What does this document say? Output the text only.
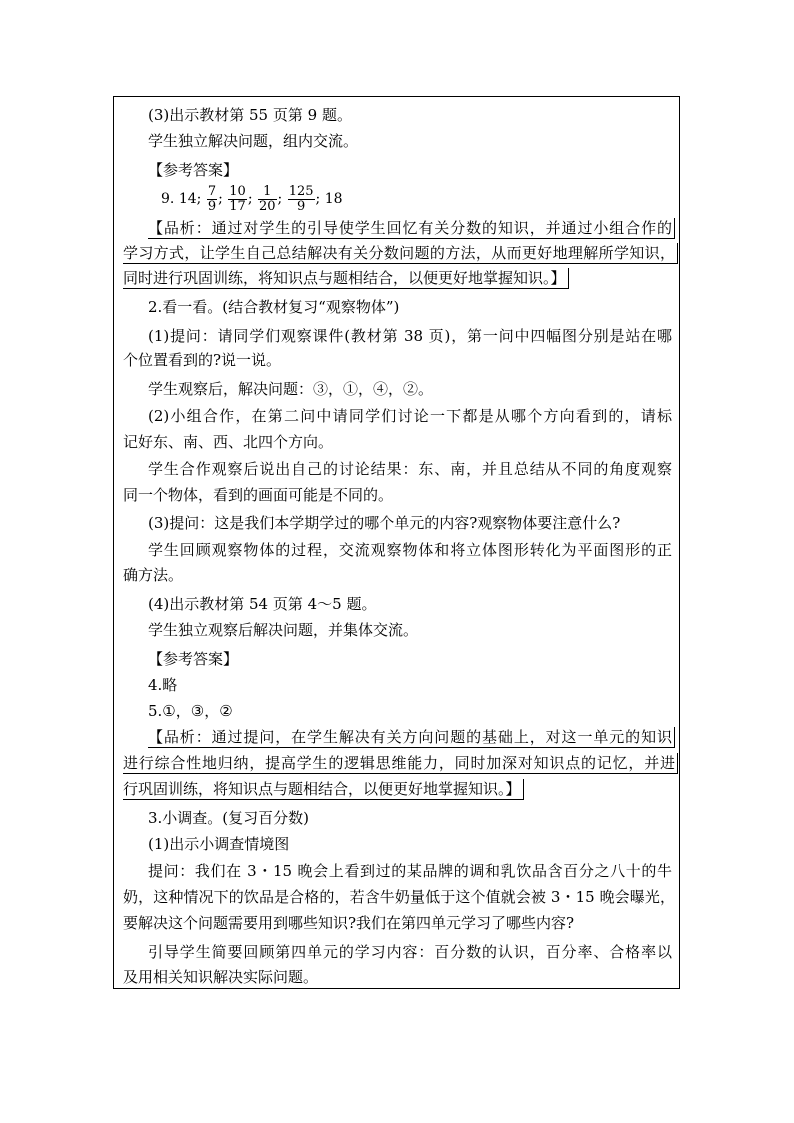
(3)出示教材第 55 页第 9 题。
学生独立解决问题，组内交流。
【参考答案】
9. 14; $\frac{7}{9}$ ; $\frac{10}{17}$ ; $\frac{1}{20}$ ; $\frac{125}{9}$ ; 18
【品析：通过对学生的引导使学生回忆有关分数的知识，并通过小组合作的
学习方式，让学生自己总结解决有关分数问题的方法，从而更好地理解所学知识，
同时进行巩固训练，将知识点与题相结合，以便更好地掌握知识。】
2.看一看。(结合教材复习“观察物体”)
(1)提问：请同学们观察课件(教材第 38 页)，第一问中四幅图分别是站在哪
个位置看到的?说一说。
学生观察后，解决问题：③，①，④，②。
(2)小组合作，在第二问中请同学们讨论一下都是从哪个方向看到的，请标
记好东、南、西、北四个方向。
学生合作观察后说出自己的讨论结果：东、南，并且总结从不同的角度观察
同一个物体，看到的画面可能是不同的。
(3)提问：这是我们本学期学过的哪个单元的内容?观察物体要注意什么?
学生回顾观察物体的过程，交流观察物体和将立体图形转化为平面图形的正
确方法。
(4)出示教材第 54 页第 4～5 题。
学生独立观察后解决问题，并集体交流。
【参考答案】
4.略
5.①，③，②
【品析：通过提问，在学生解决有关方向问题的基础上，对这一单元的知识
进行综合性地归纳，提高学生的逻辑思维能力，同时加深对知识点的记忆，并进
行巩固训练，将知识点与题相结合，以便更好地掌握知识。】
3.小调查。(复习百分数)
(1)出示小调查情境图
提问：我们在 3・15 晚会上看到过的某品牌的调和乳饮品含百分之八十的牛
奶，这种情况下的饮品是合格的，若含牛奶量低于这个值就会被 3・15 晚会曝光，
要解决这个问题需要用到哪些知识?我们在第四单元学习了哪些内容?
引导学生简要回顾第四单元的学习内容：百分数的认识，百分率、合格率以
及用相关知识解决实际问题。
